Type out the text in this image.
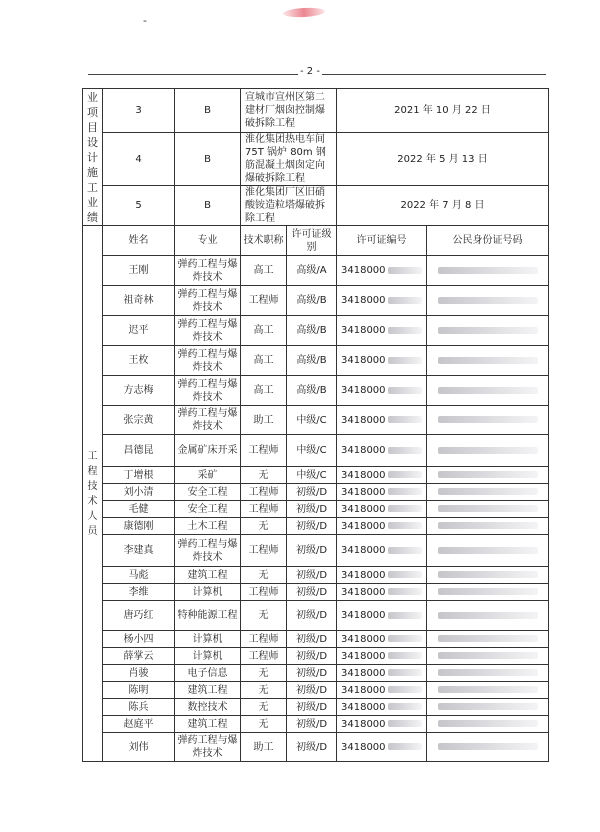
-
- 2 -
业项目设计施工业绩	3	B	宣城市宣州区第二建材厂烟囱控制爆破拆除工程		2021 年 10 月 22 日	
	4	B	淮化集团热电车间 75T 锅炉 80m 钢筋混凝土烟囱定向爆破拆除工程		2022 年 5 月 13 日	
	5	B	淮化集团厂区旧硝酸铵造粒塔爆破拆除工程		2022 年 7 月 8 日	
工程技术人员	姓名	专业	技术职称	许可证级别	许可证编号	公民身份证号码
	王刚	弹药工程与爆炸技术	高工	高级/A	3418000	
	祖奇林	弹药工程与爆炸技术	工程师	高级/B	3418000	
	迟平	弹药工程与爆炸技术	高工	高级/B	3418000	
	王枚	弹药工程与爆炸技术	高工	高级/B	3418000	
	方志梅	弹药工程与爆炸技术	高工	高级/B	3418000	
	张宗黄	弹药工程与爆炸技术	助工	中级/C	3418000	
	昌德昆	金属矿床开采	工程师	中级/C	3418000	
	丁增根	采矿	无	中级/C	3418000	
	刘小清	安全工程	工程师	初级/D	3418000	
	毛健	安全工程	工程师	初级/D	3418000	
	康德刚	土木工程	无	初级/D	3418000	
	李建真	弹药工程与爆炸技术	工程师	初级/D	3418000	
	马彪	建筑工程	无	初级/D	3418000	
	李维	计算机	工程师	初级/D	3418000	
	唐巧红	特种能源工程	无	初级/D	3418000	
	杨小四	计算机	工程师	初级/D	3418000	
	薛掌云	计算机	工程师	初级/D	3418000	
	肖骏	电子信息	无	初级/D	3418000	
	陈明	建筑工程	无	初级/D	3418000	
	陈兵	数控技术	无	初级/D	3418000	
	赵庭平	建筑工程	无	初级/D	3418000	
	刘伟	弹药工程与爆炸技术	助工	初级/D	3418000	
